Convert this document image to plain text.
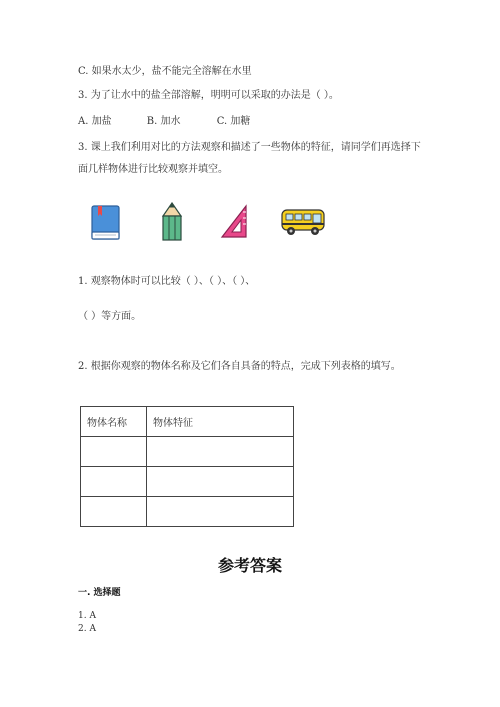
C. 如果水太少，盐不能完全溶解在水里
3. 为了让水中的盐全部溶解，明明可以采取的办法是（ ）。
A. 加盐	B. 加水	C. 加糖
3. 课上我们利用对比的方法观察和描述了一些物体的特征，请同学们再选择下
面几样物体进行比较观察并填空。
1. 观察物体时可以比较（ ）、（ ）、（ ）、
（ ）等方面。
2. 根据你观察的物体名称及它们各自具备的特点，完成下列表格的填写。
物体名称	物体特征

参考答案
一. 选择题
1. A
2. A
